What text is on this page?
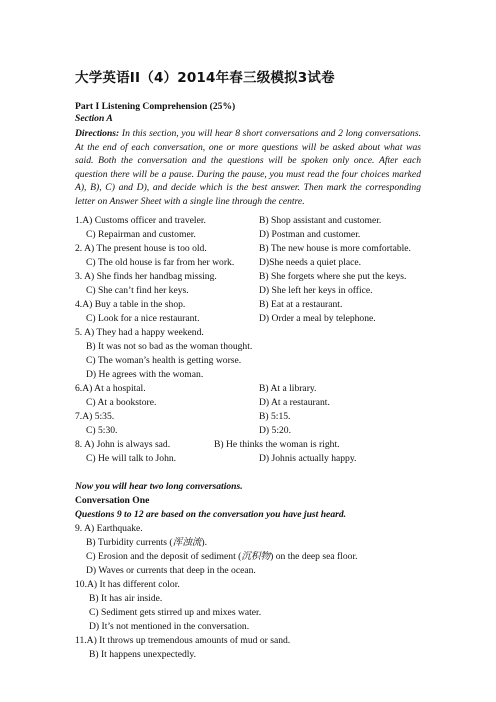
大学英语II（4）2014年春三级模拟3试卷
Part I Listening Comprehension (25%)
Section A
Directions: In this section, you will hear 8 short conversations and 2 long conversations. At the end of each conversation, one or more questions will be asked about what was said. Both the conversation and the questions will be spoken only once. After each question there will be a pause. During the pause, you must read the four choices marked A), B), C) and D), and decide which is the best answer. Then mark the corresponding letter on Answer Sheet with a single line through the centre.
1.A) Customs officer and traveler.	B) Shop assistant and customer.
C) Repairman and customer.	D) Postman and customer.
2. A) The present house is too old.	B) The new house is more comfortable.
C) The old house is far from her work.	D)She needs a quiet place.
3. A) She finds her handbag missing.	B) She forgets where she put the keys.
C) She can’t find her keys.	D) She left her keys in office.
4.A) Buy a table in the shop.	B) Eat at a restaurant.
C) Look for a nice restaurant.	D) Order a meal by telephone.
5. A) They had a happy weekend.
B) It was not so bad as the woman thought.
C) The woman’s health is getting worse.
D) He agrees with the woman.
6.A) At a hospital.	B) At a library.
C) At a bookstore.	D) At a restaurant.
7.A) 5:35.	B) 5:15.
C) 5:30.	D) 5:20.
8. A) John is always sad.	B) He thinks the woman is right.
C) He will talk to John.	D) Johnis actually happy.
Now you will hear two long conversations.
Conversation One
Questions 9 to 12 are based on the conversation you have just heard.
9. A) Earthquake.
B) Turbidity currents (浑浊流).
C) Erosion and the deposit of sediment (沉积物) on the deep sea floor.
D) Waves or currents that deep in the ocean.
10.A) It has different color.
B) It has air inside.
C) Sediment gets stirred up and mixes water.
D) It’s not mentioned in the conversation.
11.A) It throws up tremendous amounts of mud or sand.
B) It happens unexpectedly.
